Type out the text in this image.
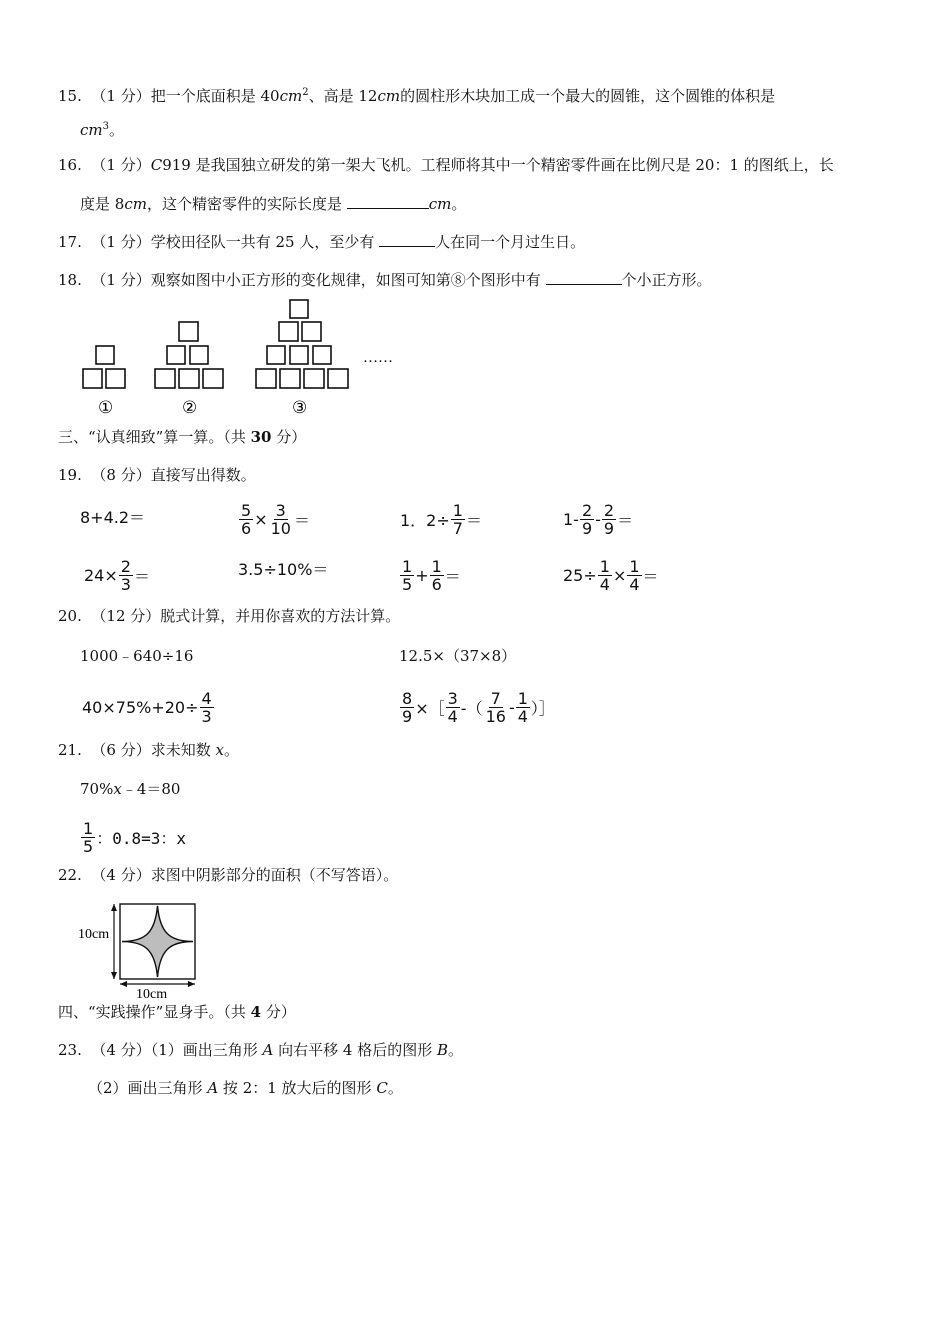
15. （1 分）把一个底面积是 $40cm^2$、高是 12cm的圆柱形木块加工成一个最大的圆锥，这个圆锥的体积是
$cm^3$。
16. （1 分）C919 是我国独立研发的第一架大飞机。工程师将其中一个精密零件画在比例尺是 20：1 的图纸上，长
度是 8cm，这个精密零件的实际长度是	cm。
17. （1 分）学校田径队一共有 25 人，至少有	人在同一个月过生日。
18. （1 分）观察如图中小正方形的变化规律，如图可知第⑧个图形中有	个小正方形。
……
①	②	③
三、“认真细致”算一算。（共 30 分）
19. （8 分）直接写出得数。
8+4.2＝	$\frac{5}{6} \times \frac{3}{10}$ ＝	1．$2\div \frac{1}{7}$ ＝	$1- \frac{2}{9} - \frac{2}{9}$ ＝
$24\times \frac{2}{3}$ ＝	3.5÷10%＝	$\frac{1}{5} + \frac{1}{6}$ ＝	$25\div \frac{1}{4} \times \frac{1}{4}$ ＝
20. （12 分）脱式计算，并用你喜欢的方法计算。
1000﹣640÷16	12.5×（37×8）
$40\times 75\%+20\div \frac{4}{3}$	$\frac{8}{9}$ ×［ $\frac{3}{4}$ -（ $\frac{7}{16} - \frac{1}{4}$ ）］
21. （6 分）求未知数 x。
70%x﹣4＝80
$\frac{1}{5}$ ：0.8=3：x
22. （4 分）求图中阴影部分的面积（不写答语）。
10cm
10cm
四、“实践操作”显身手。（共 4 分）
23. （4 分）（1）画出三角形 A 向右平移 4 格后的图形 B。
（2）画出三角形 A 按 2：1 放大后的图形 C。
